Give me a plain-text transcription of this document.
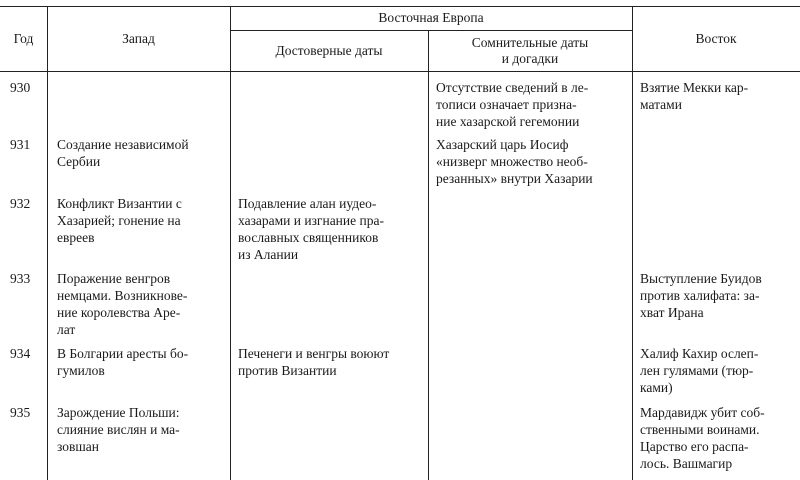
Год	Запад
Восточная Европа
Достоверные даты
Сомнительные даты
и догадки
Восток
930	Отсутствие сведений в ле-
тописи означает призна-
ние хазарской гегемонии
Взятие Мекки кар-
матами
931 Создание независимой
Сербии
Хазарский царь Иосиф
«низверг множество необ-
резанных» внутри Хазарии
932 Конфликт Византии с
Хазарией; гонение на
евреев
Подавление алан иудео-
хазарами и изгнание пра-
вославных священников
из Алании
933 Поражение венгров
немцами. Возникнове-
ние королевства Аре-
лат
Выступление Буидов
против халифата: за-
хват Ирана
934 В Болгарии аресты бо-
гумилов
Печенеги и венгры воюют
против Византии
Халиф Кахир ослеп-
лен гулямами (тюр-
ками)
935 Зарождение Польши:
слияние вислян и ма-
зовшан
Мардавидж убит соб-
ственными воинами.
Царство его распа-
лось. Вашмагир
